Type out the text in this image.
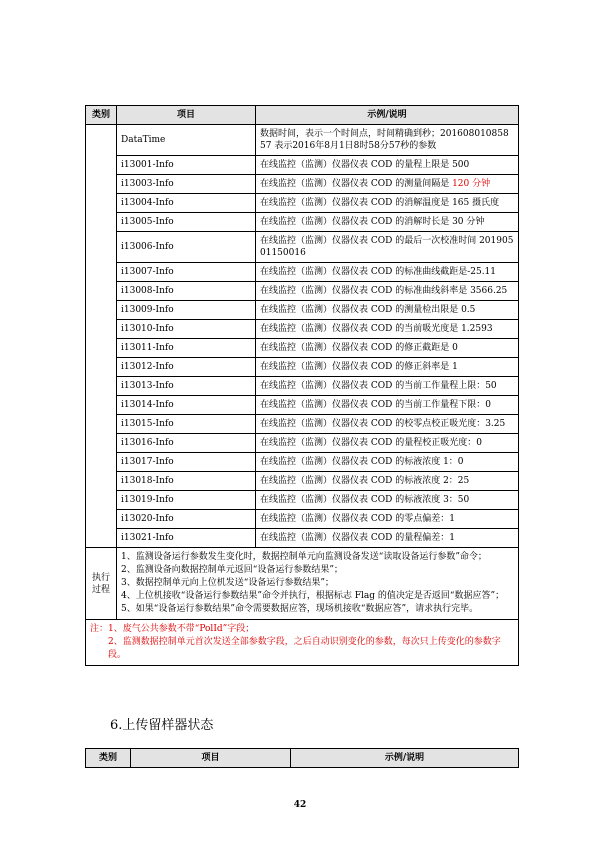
类别	项目	示例/说明
	DataTime	数据时间，表示一个时间点，时间精确到秒；20160801085857 表示2016年8月1日8时58分57秒的参数
	i13001-Info	在线监控（监测）仪器仪表 COD 的量程上限是 500
	i13003-Info	在线监控（监测）仪器仪表 COD 的测量间隔是 120 分钟
	i13004-Info	在线监控（监测）仪器仪表 COD 的消解温度是 165 摄氏度
	i13005-Info	在线监控（监测）仪器仪表 COD 的消解时长是 30 分钟
	i13006-Info	在线监控（监测）仪器仪表 COD 的最后一次校准时间 20190501150016
	i13007-Info	在线监控（监测）仪器仪表 COD 的标准曲线截距是-25.11
	i13008-Info	在线监控（监测）仪器仪表 COD 的标准曲线斜率是 3566.25
	i13009-Info	在线监控（监测）仪器仪表 COD 的测量检出限是 0.5
	i13010-Info	在线监控（监测）仪器仪表 COD 的当前吸光度是 1.2593
	i13011-Info	在线监控（监测）仪器仪表 COD 的修正截距是 0
	i13012-Info	在线监控（监测）仪器仪表 COD 的修正斜率是 1
	i13013-Info	在线监控（监测）仪器仪表 COD 的当前工作量程上限：50
	i13014-Info	在线监控（监测）仪器仪表 COD 的当前工作量程下限：0
	i13015-Info	在线监控（监测）仪器仪表 COD 的校零点校正吸光度：3.25
	i13016-Info	在线监控（监测）仪器仪表 COD 的量程校正吸光度：0
	i13017-Info	在线监控（监测）仪器仪表 COD 的标液浓度 1：0
	i13018-Info	在线监控（监测）仪器仪表 COD 的标液浓度 2：25
	i13019-Info	在线监控（监测）仪器仪表 COD 的标液浓度 3：50
	i13020-Info	在线监控（监测）仪器仪表 COD 的零点偏差：1
	i13021-Info	在线监控（监测）仪器仪表 COD 的量程偏差：1
执行过程	1、监测设备运行参数发生变化时，数据控制单元向监测设备发送“读取设备运行参数”命令；
2、监测设备向数据控制单元返回“设备运行参数结果”；
3、数据控制单元向上位机发送“设备运行参数结果”；
4、上位机接收“设备运行参数结果”命令并执行，根据标志 Flag 的值决定是否返回“数据应答”；
5、如果“设备运行参数结果”命令需要数据应答，现场机接收“数据应答”，请求执行完毕。	

注：1、废气公共参数不带“PolId”字段；
2、监测数据控制单元首次发送全部参数字段，之后自动识别变化的参数，每次只上传变化的参数字段。		
6.上传留样器状态
类别	项目	示例/说明
42
